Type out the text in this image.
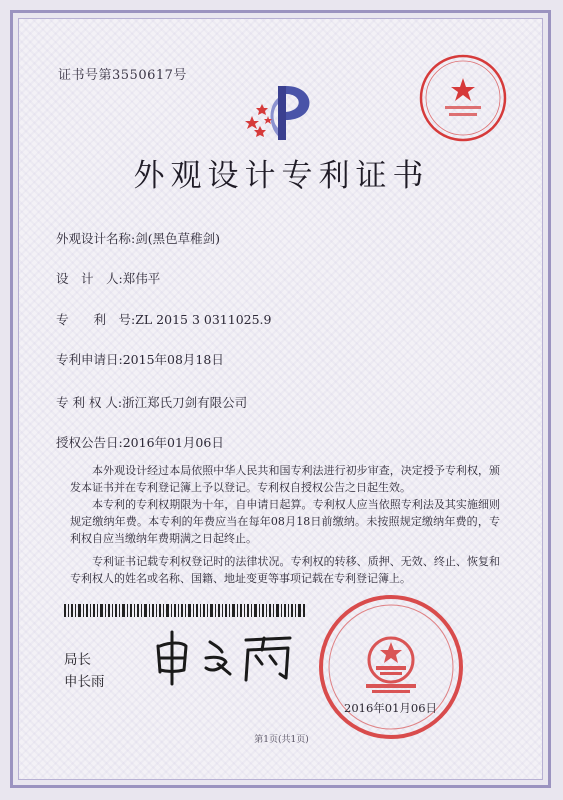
证书号第3550617号
外观设计专利证书
外观设计名称:剑(黑色草稚剑)
设　计　人:郑伟平
专　　利　号:ZL 2015 3 0311025.9
专利申请日:2015年08月18日
专 利 权 人:浙江郑氏刀剑有限公司
授权公告日:2016年01月06日

本外观设计经过本局依照中华人民共和国专利法进行初步审查，决定授予专利权，颁发本证书并在专利登记簿上予以登记。专利权自授权公告之日起生效。

本专利的专利权期限为十年，自申请日起算。专利权人应当依照专利法及其实施细则规定缴纳年费。本专利的年费应当在每年08月18日前缴纳。未按照规定缴纳年费的，专利权自应当缴纳年费期满之日起终止。

专利证书记载专利权登记时的法律状况。专利权的转移、质押、无效、终止、恢复和专利权人的姓名或名称、国籍、地址变更等事项记载在专利登记簿上。

局长
申长雨
2016年01月06日
第1页(共1页)
